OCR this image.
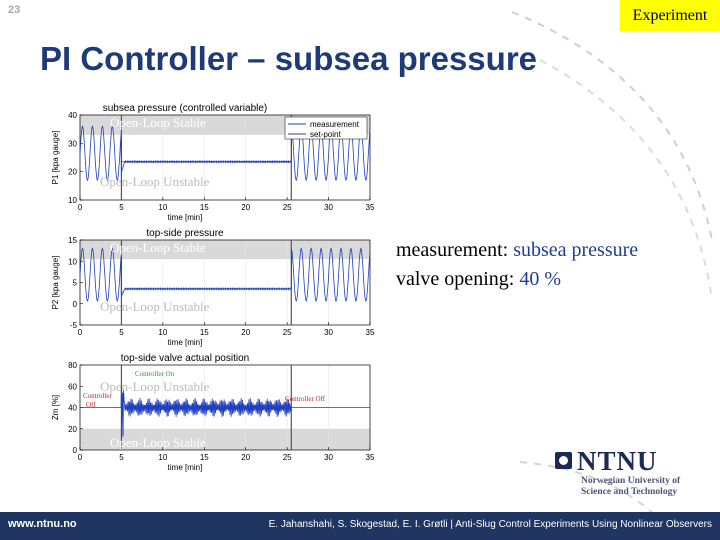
23	Experiment
PI Controller – subsea pressure
subsea pressure (controlled variable)
0	5	10	15	20	25	30	35
10
20
30
40	Open-Loop Stable
Open-Loop Unstable
measurement
set-point
time [min]
P1 [kpa gauge]
top-side pressure
0	5	10	15	20	25	30	35
-5
0
5
10
15	Open-Loop Stable
Open-Loop Unstable
time [min]
P2 [kpa gauge]
top-side valve actual position
0	5	10	15	20	25	30	35
0
20
40
60
80
Open-Loop Stable
Open-Loop Unstable
Controller On
Controller
Off
Controller Off
time [min]
Zm [%]
measurement: subsea pressure
valve opening: 40 %
NTNU
Norwegian University of
Science and Technology
www.ntnu.no	E. Jahanshahi, S. Skogestad, E. I. Grøtli | Anti-Slug Control Experiments Using Nonlinear Observers
